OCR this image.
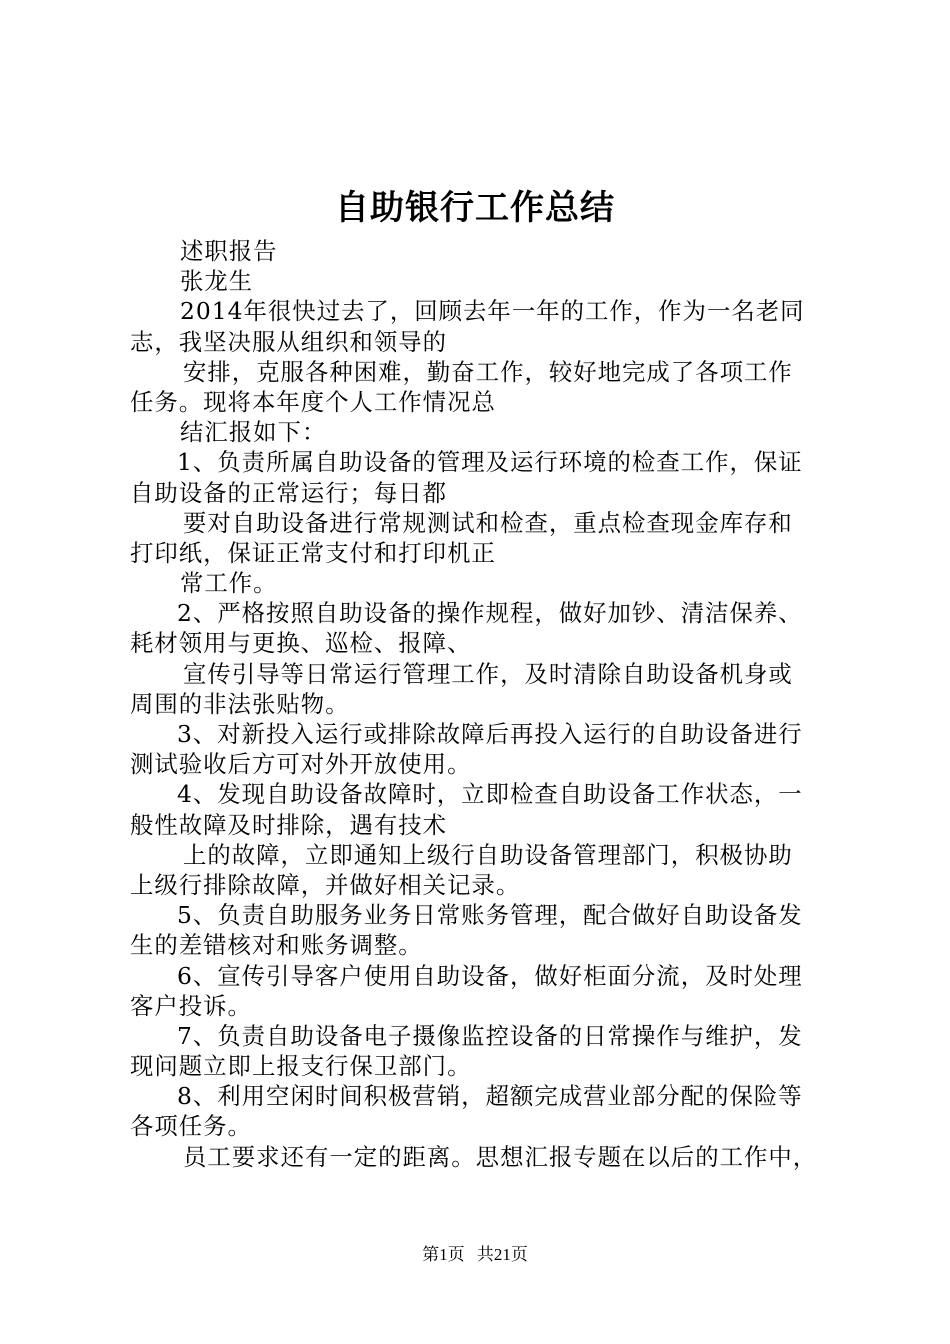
自助银行工作总结
述职报告
张龙生
2014年很快过去了，回顾去年一年的工作，作为一名老同
志，我坚决服从组织和领导的
安排，克服各种困难，勤奋工作，较好地完成了各项工作
任务。现将本年度个人工作情况总
结汇报如下：
1、负责所属自助设备的管理及运行环境的检查工作，保证
自助设备的正常运行；每日都
要对自助设备进行常规测试和检查，重点检查现金库存和
打印纸，保证正常支付和打印机正
常工作。
2、严格按照自助设备的操作规程，做好加钞、清洁保养、
耗材领用与更换、巡检、报障、
宣传引导等日常运行管理工作，及时清除自助设备机身或
周围的非法张贴物。
3、对新投入运行或排除故障后再投入运行的自助设备进行
测试验收后方可对外开放使用。
4、发现自助设备故障时，立即检查自助设备工作状态，一
般性故障及时排除，遇有技术
上的故障，立即通知上级行自助设备管理部门，积极协助
上级行排除故障，并做好相关记录。
5、负责自助服务业务日常账务管理，配合做好自助设备发
生的差错核对和账务调整。
6、宣传引导客户使用自助设备，做好柜面分流，及时处理
客户投诉。
7、负责自助设备电子摄像监控设备的日常操作与维护，发
现问题立即上报支行保卫部门。
8、利用空闲时间积极营销，超额完成营业部分配的保险等
各项任务。
员工要求还有一定的距离。思想汇报专题在以后的工作中，
第1页 共21页
